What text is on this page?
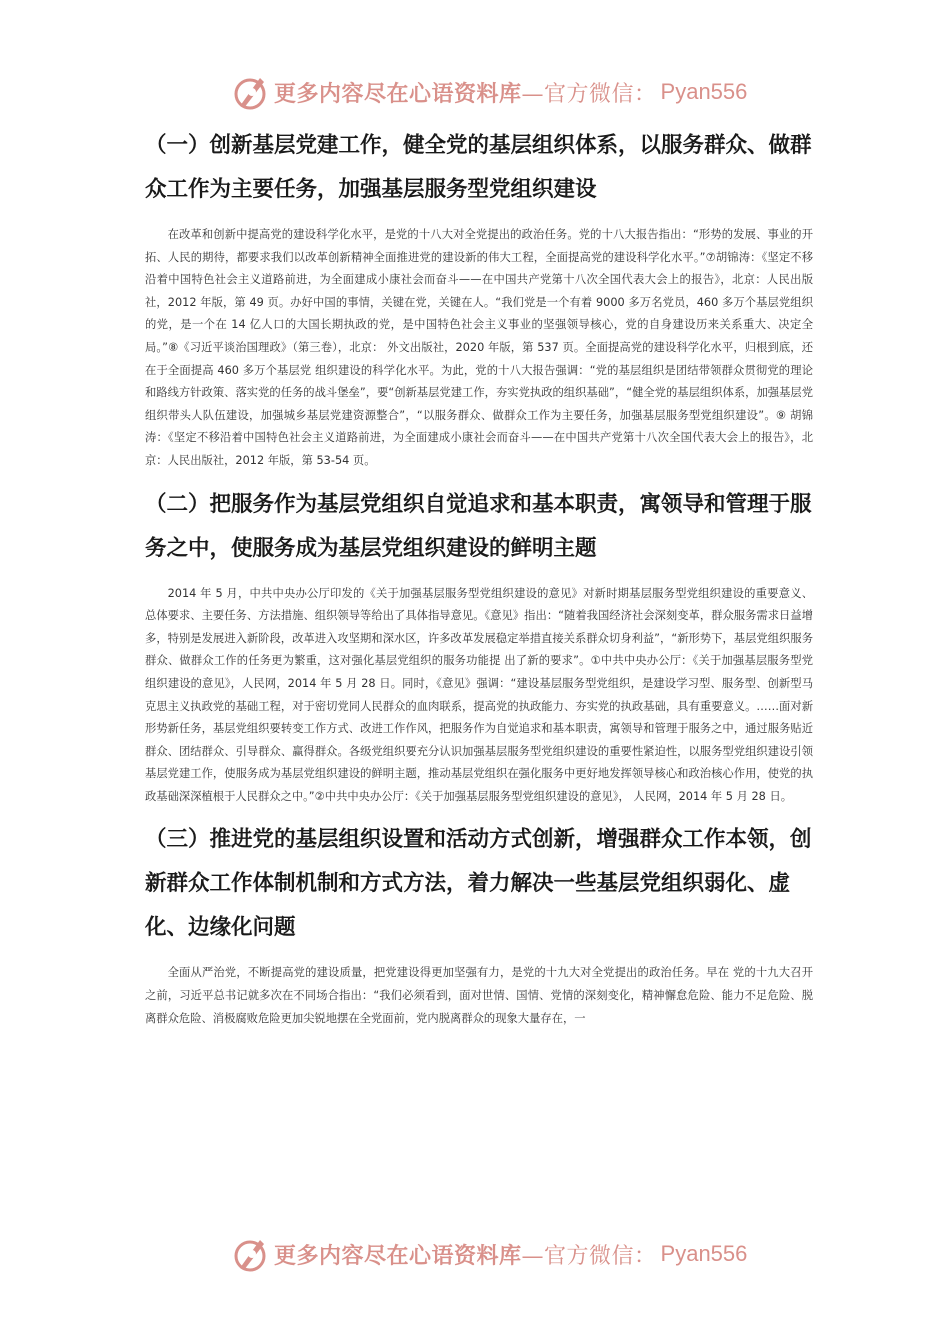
更多内容尽在心语资料库 —官方微信： Pyan556
（一）创新基层党建工作，健全党的基层组织体系，以服务群众、做群众工作为主要任务，加强基层服务型党组织建设

在改革和创新中提高党的建设科学化水平，是党的十八大对全党提出的政治任务。党的十八大报告指出：“形势的发展、事业的开拓、人民的期待，都要求我们以改革创新精神全面推进党的建设新的伟大工程，全面提高党的建设科学化水平。”⑦胡锦涛：《坚定不移沿着中国特色社会主义道路前进，为全面建成小康社会而奋斗——在中国共产党第十八次全国代表大会上的报告》，北京：人民出版社，2012 年版，第 49 页。办好中国的事情，关键在党，关键在人。“我们党是一个有着 9000 多万名党员，460 多万个基层党组织的党，是一个在 14 亿人口的大国长期执政的党，是中国特色社会主义事业的坚强领导核心，党的自身建设历来关系重大、决定全局。”⑧《习近平谈治国理政》（第三卷），北京： 外文出版社，2020 年版，第 537 页。全面提高党的建设科学化水平，归根到底，还在于全面提高 460 多万个基层党 组织建设的科学化水平。为此，党的十八大报告强调：“党的基层组织是团结带领群众贯彻党的理论和路线方针政策、落实党的任务的战斗堡垒”，要“创新基层党建工作，夯实党执政的组织基础”，“健全党的基层组织体系，加强基层党组织带头人队伍建设，加强城乡基层党建资源整合”，“以服务群众、做群众工作为主要任务，加强基层服务型党组织建设”。⑨ 胡锦涛：《坚定不移沿着中国特色社会主义道路前进，为全面建成小康社会而奋斗——在中国共产党第十八次全国代表大会上的报告》，北京：人民出版社，2012 年版，第 53-54 页。

（二）把服务作为基层党组织自觉追求和基本职责，寓领导和管理于服务之中，使服务成为基层党组织建设的鲜明主题

2014 年 5 月，中共中央办公厅印发的《关于加强基层服务型党组织建设的意见》对新时期基层服务型党组织建设的重要意义、总体要求、主要任务、方法措施、组织领导等给出了具体指导意见。《意见》指出：“随着我国经济社会深刻变革，群众服务需求日益增多，特别是发展进入新阶段，改革进入攻坚期和深水区，许多改革发展稳定举措直接关系群众切身利益”，“新形势下，基层党组织服务群众、做群众工作的任务更为繁重，这对强化基层党组织的服务功能提 出了新的要求”。①中共中央办公厅：《关于加强基层服务型党组织建设的意见》，人民网，2014 年 5 月 28 日。同时，《意见》强调：“建设基层服务型党组织，是建设学习型、服务型、创新型马克思主义执政党的基础工程，对于密切党同人民群众的血肉联系，提高党的执政能力、夯实党的执政基础，具有重要意义。……面对新形势新任务，基层党组织要转变工作方式、改进工作作风，把服务作为自觉追求和基本职责，寓领导和管理于服务之中，通过服务贴近群众、团结群众、引导群众、赢得群众。各级党组织要充分认识加强基层服务型党组织建设的重要性紧迫性，以服务型党组织建设引领基层党建工作，使服务成为基层党组织建设的鲜明主题，推动基层党组织在强化服务中更好地发挥领导核心和政治核心作用，使党的执政基础深深植根于人民群众之中。”②中共中央办公厅：《关于加强基层服务型党组织建设的意见》， 人民网，2014 年 5 月 28 日。

（三）推进党的基层组织设置和活动方式创新，增强群众工作本领，创新群众工作体制机制和方式方法，着力解决一些基层党组织弱化、虚化、边缘化问题

全面从严治党，不断提高党的建设质量，把党建设得更加坚强有力，是党的十九大对全党提出的政治任务。早在 党的十九大召开之前，习近平总书记就多次在不同场合指出：“我们必须看到，面对世情、国情、党情的深刻变化，精神懈怠危险、能力不足危险、脱离群众危险、消极腐败危险更加尖锐地摆在全党面前，党内脱离群众的现象大量存在，一

更多内容尽在心语资料库 —官方微信： Pyan556
